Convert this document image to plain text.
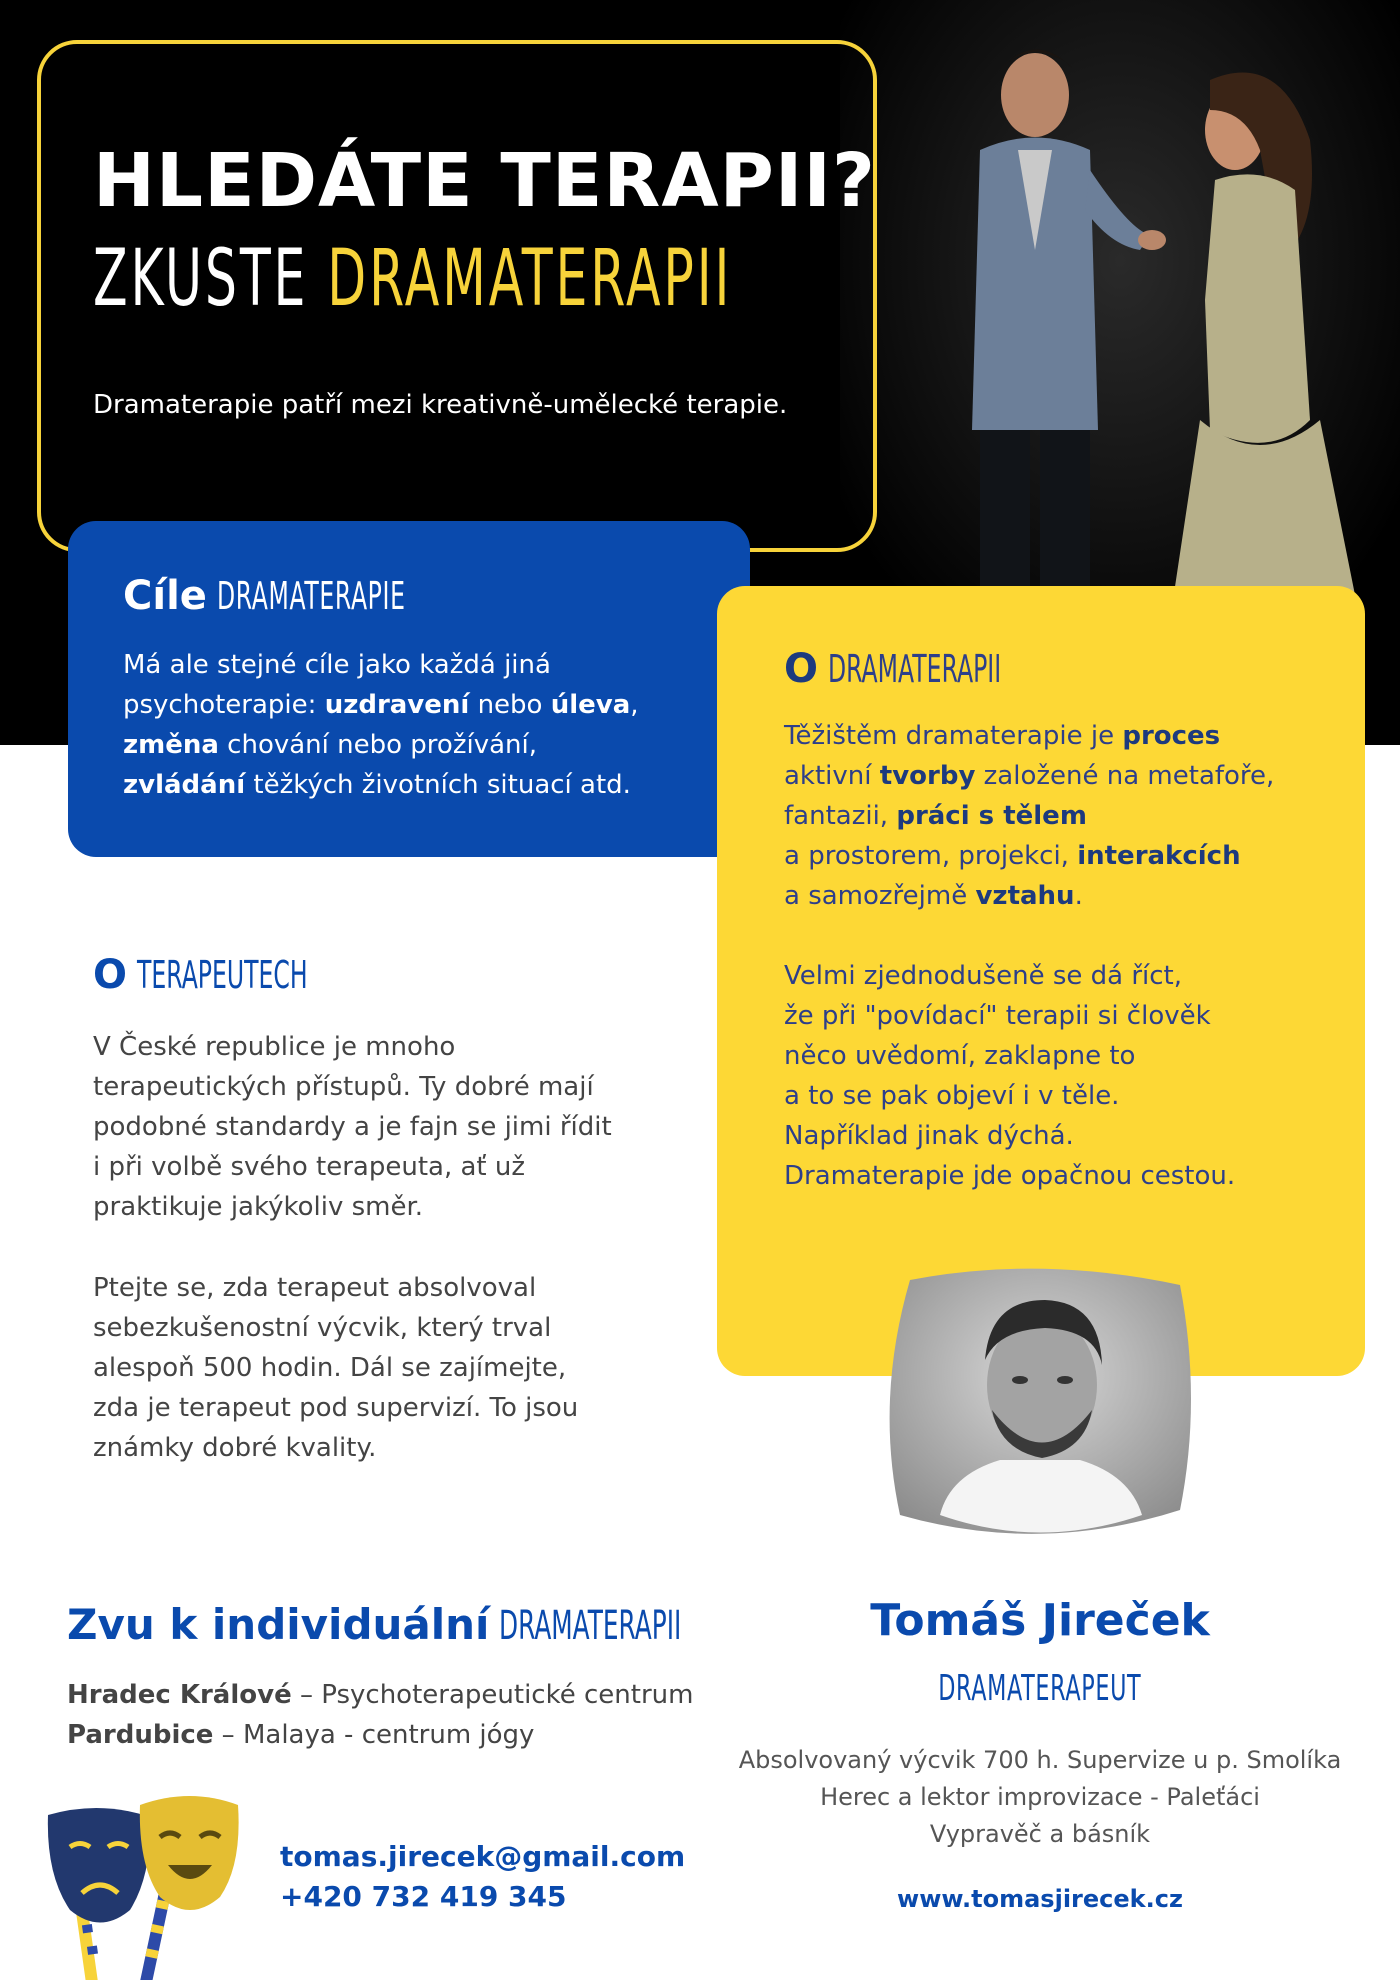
HLEDÁTE TERAPII?
ZKUSTE DRAMATERAPII
Dramaterapie patří mezi kreativně-umělecké terapie.
Cíle DRAMATERAPIE
Má ale stejné cíle jako každá jiná
psychoterapie: uzdravení nebo úleva,
změna chování nebo prožívání,
zvládání těžkých životních situací atd.
O DRAMATERAPII
Těžištěm dramaterapie je proces
aktivní tvorby založené na metafoře,
fantazii, práci s tělem
a prostorem, projekci, interakcích
a samozřejmě vztahu.
Velmi zjednodušeně se dá říct,
že při "povídací" terapii si člověk
něco uvědomí, zaklapne to
a to se pak objeví i v těle.
Například jinak dýchá.
Dramaterapie jde opačnou cestou.
O TERAPEUTECH
V České republice je mnoho
terapeutických přístupů. Ty dobré mají
podobné standardy a je fajn se jimi řídit
i při volbě svého terapeuta, ať už
praktikuje jakýkoliv směr.
Ptejte se, zda terapeut absolvoval
sebezkušenostní výcvik, který trval
alespoň 500 hodin. Dál se zajímejte,
zda je terapeut pod supervizí. To jsou
známky dobré kvality.
Zvu k individuální DRAMATERAPII
Hradec Králové – Psychoterapeutické centrum
Pardubice – Malaya - centrum jógy
tomas.jirecek@gmail.com
+420 732 419 345
Tomáš Jireček
DRAMATERAPEUT
Absolvovaný výcvik 700 h. Supervize u p. Smolíka
Herec a lektor improvizace - Paleťáci
Vypravěč a básník
www.tomasjirecek.cz
